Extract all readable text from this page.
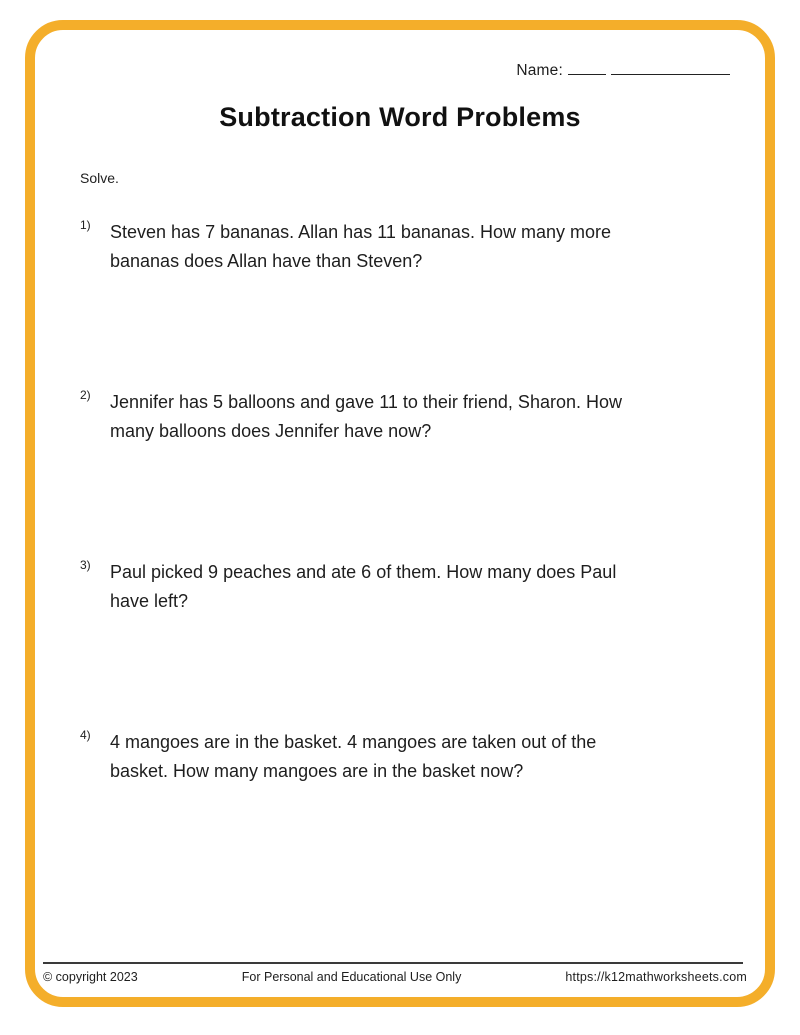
Name:
Subtraction Word Problems
Solve.
1) Steven has 7 bananas. Allan has 11 bananas. How many more
bananas does Allan have than Steven?
2) Jennifer has 5 balloons and gave 11 to their friend, Sharon. How
many balloons does Jennifer have now?
3) Paul picked 9 peaches and ate 6 of them. How many does Paul
have left?
4) 4 mangoes are in the basket. 4 mangoes are taken out of the
basket. How many mangoes are in the basket now?
© copyright 2023	For Personal and Educational Use Only	https://k12mathworksheets.com
